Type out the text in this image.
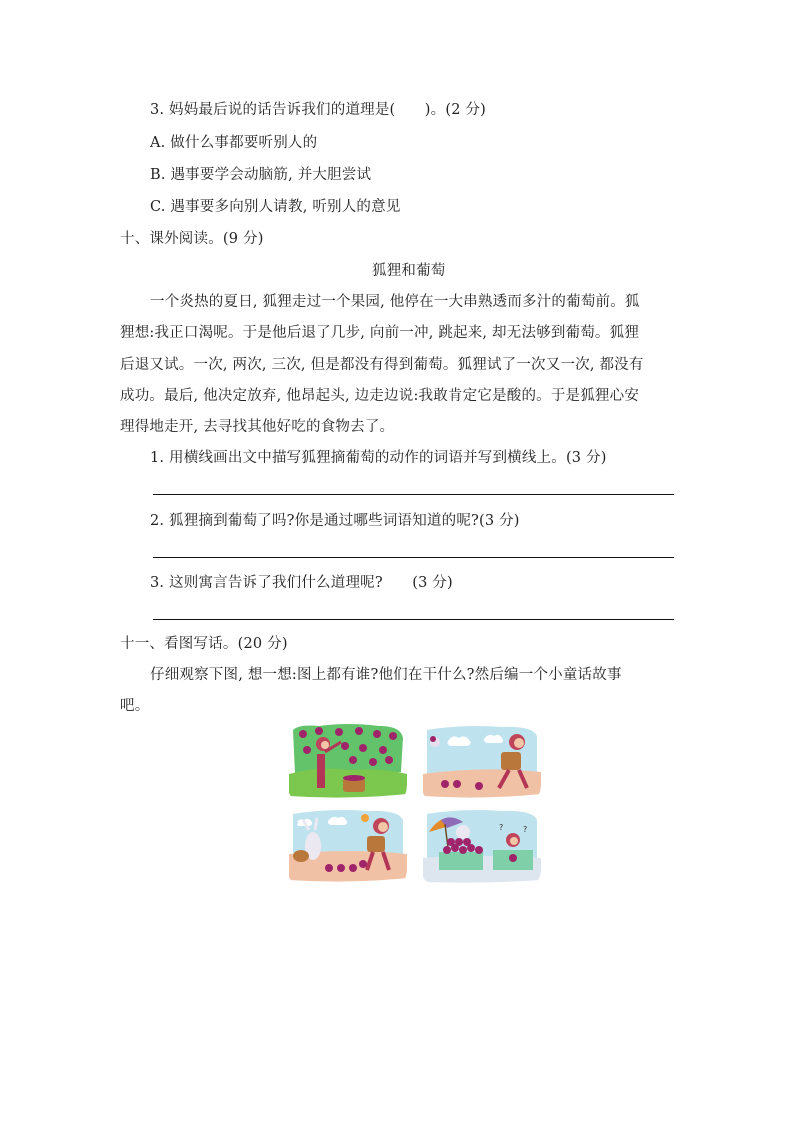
3. 妈妈最后说的话告诉我们的道理是(　　)。(2 分)
A. 做什么事都要听别人的
B. 遇事要学会动脑筋, 并大胆尝试
C. 遇事要多向别人请教, 听别人的意见
十、课外阅读。(9 分)
狐狸和葡萄
一个炎热的夏日, 狐狸走过一个果园, 他停在一大串熟透而多汁的葡萄前。狐
狸想:我正口渴呢。于是他后退了几步, 向前一冲, 跳起来, 却无法够到葡萄。狐狸
后退又试。一次, 两次, 三次, 但是都没有得到葡萄。狐狸试了一次又一次, 都没有
成功。最后, 他决定放弃, 他昂起头, 边走边说:我敢肯定它是酸的。于是狐狸心安
理得地走开, 去寻找其他好吃的食物去了。
1. 用横线画出文中描写狐狸摘葡萄的动作的词语并写到横线上。(3 分)
2. 狐狸摘到葡萄了吗?你是通过哪些词语知道的呢?(3 分)
3. 这则寓言告诉了我们什么道理呢?　　(3 分)
十一、看图写话。(20 分)
仔细观察下图, 想一想:图上都有谁?他们在干什么?然后编一个小童话故事
吧。
? ?
